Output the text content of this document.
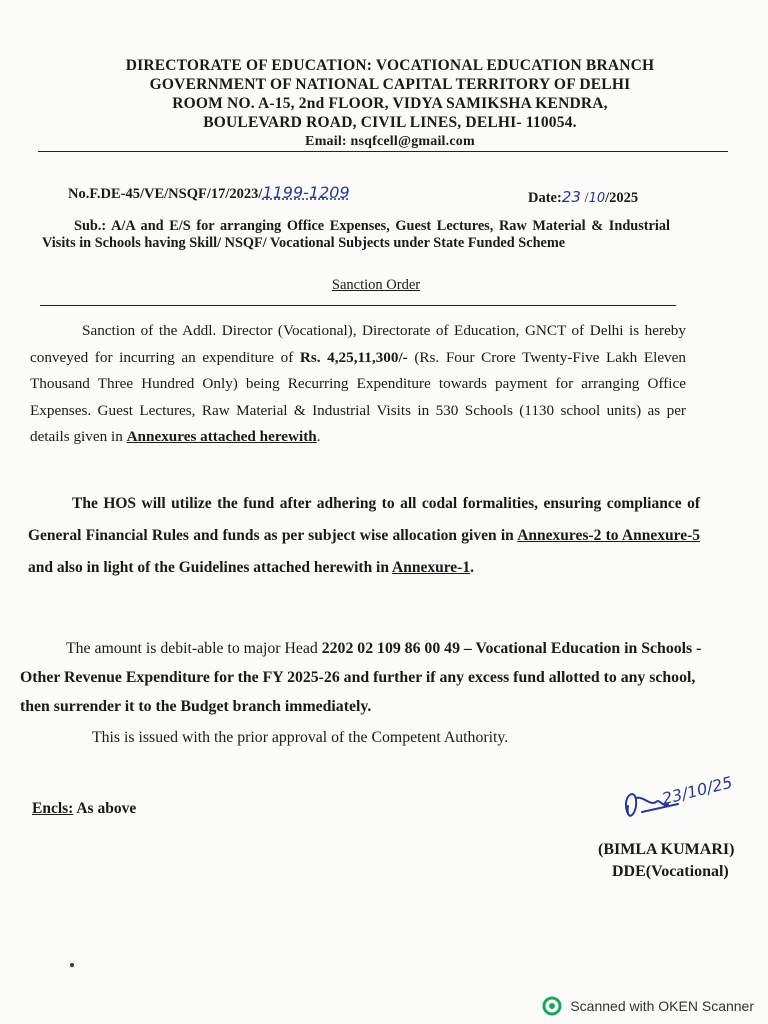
DIRECTORATE OF EDUCATION: VOCATIONAL EDUCATION BRANCH
GOVERNMENT OF NATIONAL CAPITAL TERRITORY OF DELHI
ROOM NO. A-15, 2nd FLOOR, VIDYA SAMIKSHA KENDRA,
BOULEVARD ROAD, CIVIL LINES, DELHI- 110054.
Email: nsqfcell@gmail.com
No.F.DE-45/VE/NSQF/17/2023/1199-1209	Date:23 /10/2025
Sub.: A/A and E/S for arranging Office Expenses, Guest Lectures, Raw Material & Industrial Visits in Schools having Skill/ NSQF/ Vocational Subjects under State Funded Scheme
Sanction Order
Sanction of the Addl. Director (Vocational), Directorate of Education, GNCT of Delhi is hereby conveyed for incurring an expenditure of Rs. 4,25,11,300/- (Rs. Four Crore Twenty-Five Lakh Eleven Thousand Three Hundred Only) being Recurring Expenditure towards payment for arranging Office Expenses. Guest Lectures, Raw Material & Industrial Visits in 530 Schools (1130 school units) as per details given in Annexures attached herewith.
The HOS will utilize the fund after adhering to all codal formalities, ensuring compliance of General Financial Rules and funds as per subject wise allocation given in Annexures-2 to Annexure-5 and also in light of the Guidelines attached herewith in Annexure-1.
The amount is debit-able to major Head 2202 02 109 86 00 49 – Vocational Education in Schools - Other Revenue Expenditure for the FY 2025-26 and further if any excess fund allotted to any school, then surrender it to the Budget branch immediately.
This is issued with the prior approval of the Competent Authority.
Encls: As above
23/10/25
(BIMLA KUMARI)
DDE(Vocational)
Scanned with OKEN Scanner
